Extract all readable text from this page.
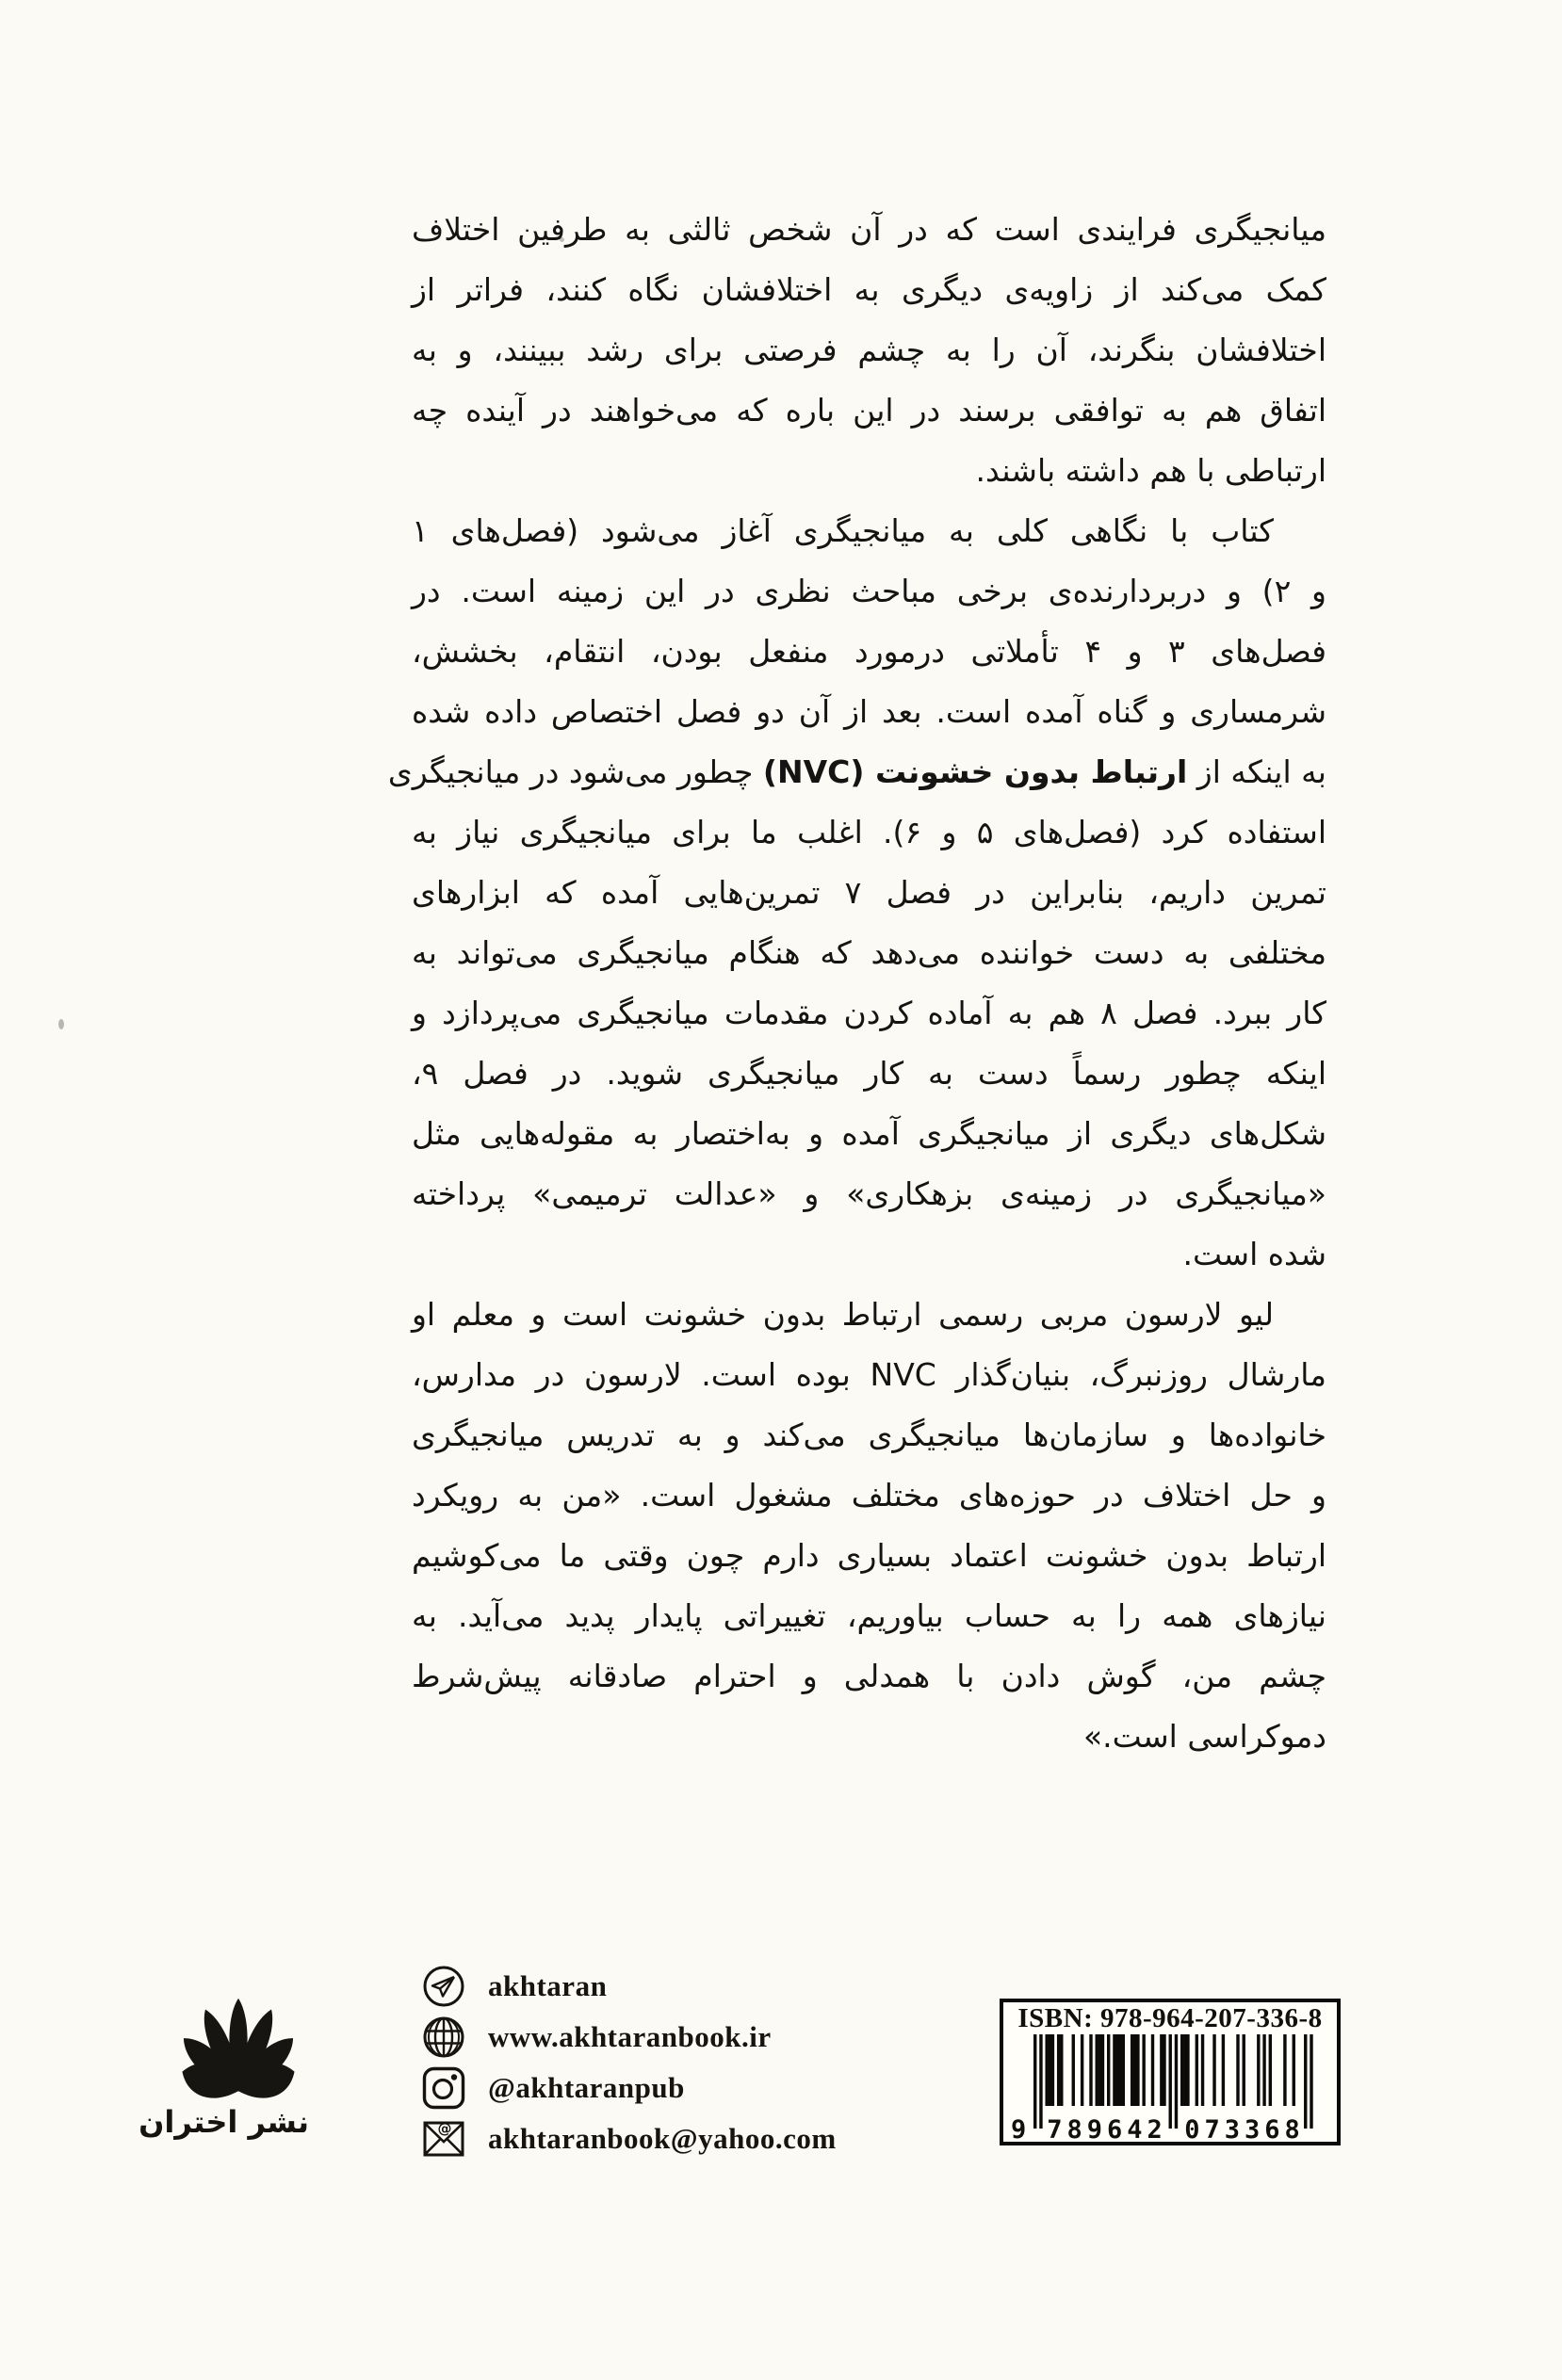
میانجیگری فرایندی است که در آن شخص ثالثی به طرفین اختلاف
کمک می‌کند از زاویه‌ی دیگری به اختلافشان نگاه کنند، فراتر از
اختلافشان بنگرند، آن را به چشم فرصتی برای رشد ببینند، و به
اتفاق هم به توافقی برسند در این باره که می‌خواهند در آینده چه
ارتباطی با هم داشته باشند.
کتاب با نگاهی کلی به میانجیگری آغاز می‌شود (فصل‌های ۱
و ۲) و دربردارنده‌ی برخی مباحث نظری در این زمینه است. در
فصل‌های ۳ و ۴ تأملاتی درمورد منفعل بودن، انتقام، بخشش،
شرمساری و گناه آمده است. بعد از آن دو فصل اختصاص داده شده
به اینکه از ارتباط بدون خشونت (NVC) چطور می‌شود در میانجیگری
استفاده کرد (فصل‌های ۵ و ۶). اغلب ما برای میانجیگری نیاز به
تمرین داریم، بنابراین در فصل ۷ تمرین‌هایی آمده که ابزارهای
مختلفی به دست خواننده می‌دهد که هنگام میانجیگری می‌تواند به
کار ببرد. فصل ۸ هم به آماده کردن مقدمات میانجیگری می‌پردازد و
اینکه چطور رسماً دست به کار میانجیگری شوید. در فصل ۹،
شکل‌های دیگری از میانجیگری آمده و به‌اختصار به مقوله‌هایی مثل
«میانجیگری در زمینه‌ی بزهکاری» و «عدالت ترمیمی» پرداخته
شده است.
لیو لارسون مربی رسمی ارتباط بدون خشونت است و معلم او
مارشال روزنبرگ، بنیان‌گذار NVC بوده است. لارسون در مدارس،
خانواده‌ها و سازمان‌ها میانجیگری می‌کند و به تدریس میانجیگری
و حل اختلاف در حوزه‌های مختلف مشغول است. «من به رویکرد
ارتباط بدون خشونت اعتماد بسیاری دارم چون وقتی ما می‌کوشیم
نیازهای همه را به حساب بیاوریم، تغییراتی پایدار پدید می‌آید. به
چشم من، گوش دادن با همدلی و احترام صادقانه پیش‌شرط
دموکراسی است.»
نشر اختران
akhtaran
www.akhtaranbook.ir
@akhtaranpub
@ akhtaranbook@yahoo.com
ISBN: 978-964-207-336-8
9 789642 073368
